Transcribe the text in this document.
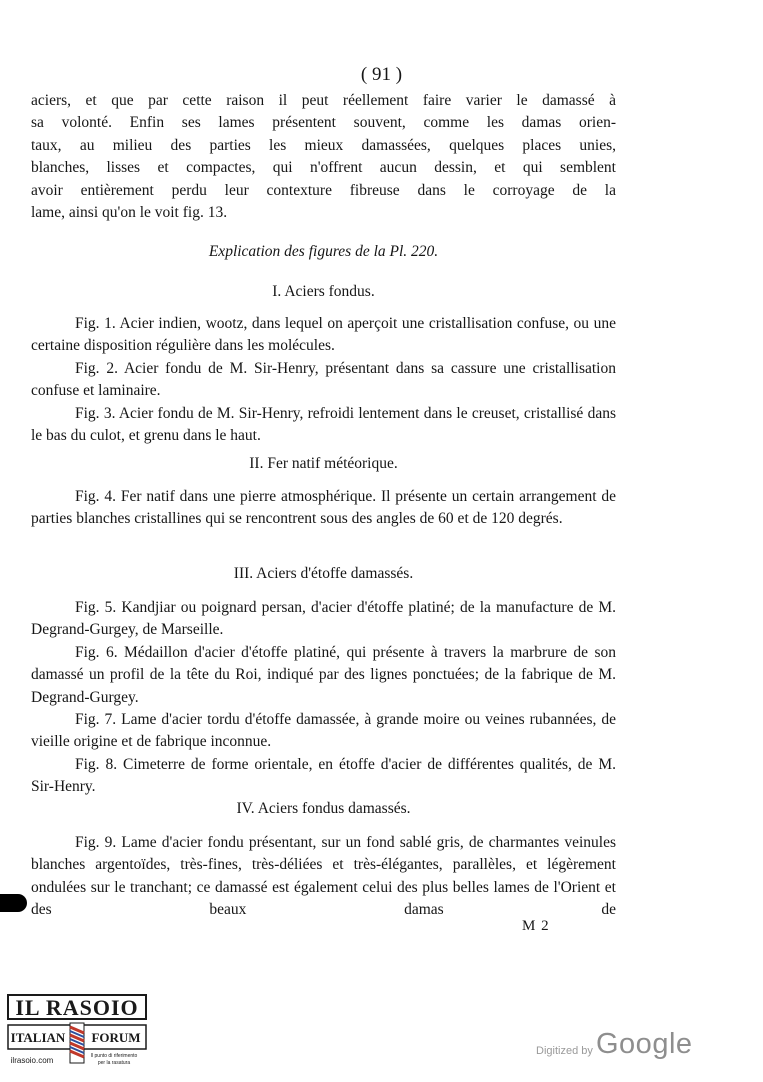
( 91 )
aciers, et que par cette raison il peut réellement faire varier le damassé à
sa volonté. Enfin ses lames présentent souvent, comme les damas orien-
taux, au milieu des parties les mieux damassées, quelques places unies,
blanches, lisses et compactes, qui n'offrent aucun dessin, et qui semblent
avoir entièrement perdu leur contexture fibreuse dans le corroyage de la
lame, ainsi qu'on le voit fig. 13.
Explication des figures de la Pl. 220.
I. Aciers fondus.

Fig. 1. Acier indien, wootz, dans lequel on aperçoit une cristallisation confuse, ou une certaine disposition régulière dans les molécules.

Fig. 2. Acier fondu de M. Sir-Henry, présentant dans sa cassure une cristallisation confuse et laminaire.

Fig. 3. Acier fondu de M. Sir-Henry, refroidi lentement dans le creuset, cristallisé dans le bas du culot, et grenu dans le haut.

II. Fer natif météorique.

Fig. 4. Fer natif dans une pierre atmosphérique. Il présente un certain arrangement de parties blanches cristallines qui se rencontrent sous des angles de 60 et de 120 degrés.

III. Aciers d'étoffe damassés.

Fig. 5. Kandjiar ou poignard persan, d'acier d'étoffe platiné; de la manufacture de M. Degrand-Gurgey, de Marseille.

Fig. 6. Médaillon d'acier d'étoffe platiné, qui présente à travers la marbrure de son damassé un profil de la tête du Roi, indiqué par des lignes ponctuées; de la fabrique de M. Degrand-Gurgey.

Fig. 7. Lame d'acier tordu d'étoffe damassée, à grande moire ou veines rubannées, de vieille origine et de fabrique inconnue.

Fig. 8. Cimeterre de forme orientale, en étoffe d'acier de différentes qualités, de M. Sir-Henry.

IV. Aciers fondus damassés.

Fig. 9. Lame d'acier fondu présentant, sur un fond sablé gris, de charmantes veinules blanches argentoïdes, très-fines, très-déliées et très-élégantes, parallèles, et légèrement ondulées sur le tranchant; ce damassé est également celui des plus belles lames de l'Orient et des beaux damas de

M 2
IL RASOIO
ITALIAN FORUM
ilrasoio.com	Il punto di riferimento
per la rasatura
Digitized by Google
